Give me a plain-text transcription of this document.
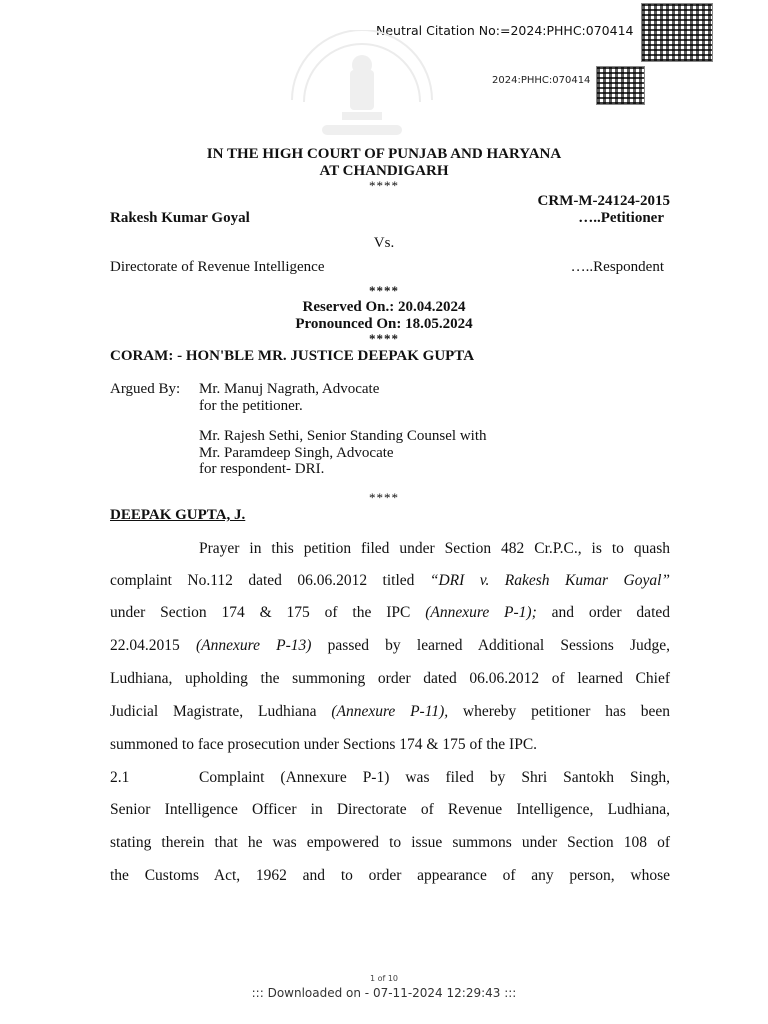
Neutral Citation No:=2024:PHHC:070414
2024:PHHC:070414
IN THE HIGH COURT OF PUNJAB AND HARYANA
AT CHANDIGARH
****
CRM-M-24124-2015
Rakesh Kumar Goyal	…..Petitioner
Vs.
Directorate of Revenue Intelligence	…..Respondent
****
Reserved On.: 20.04.2024
Pronounced On: 18.05.2024
****
CORAM: - HON'BLE MR. JUSTICE DEEPAK GUPTA
Argued By: Mr. Manuj Nagrath, Advocate
for the petitioner.
Mr. Rajesh Sethi, Senior Standing Counsel with
Mr. Paramdeep Singh, Advocate
for respondent- DRI.
****
DEEPAK GUPTA, J.
Prayer in this petition filed under Section 482 Cr.P.C., is to quash
complaint No.112 dated 06.06.2012 titled “DRI v. Rakesh Kumar Goyal”
under Section 174 & 175 of the IPC (Annexure P-1); and order dated
22.04.2015 (Annexure P-13) passed by learned Additional Sessions Judge,
Ludhiana, upholding the summoning order dated 06.06.2012 of learned Chief
Judicial Magistrate, Ludhiana (Annexure P-11), whereby petitioner has been
summoned to face prosecution under Sections 174 & 175 of the IPC.
2.1	Complaint (Annexure P-1) was filed by Shri Santokh Singh,
Senior Intelligence Officer in Directorate of Revenue Intelligence, Ludhiana,
stating therein that he was empowered to issue summons under Section 108 of
the Customs Act, 1962 and to order appearance of any person, whose
1 of 10
::: Downloaded on - 07-11-2024 12:29:43 :::
